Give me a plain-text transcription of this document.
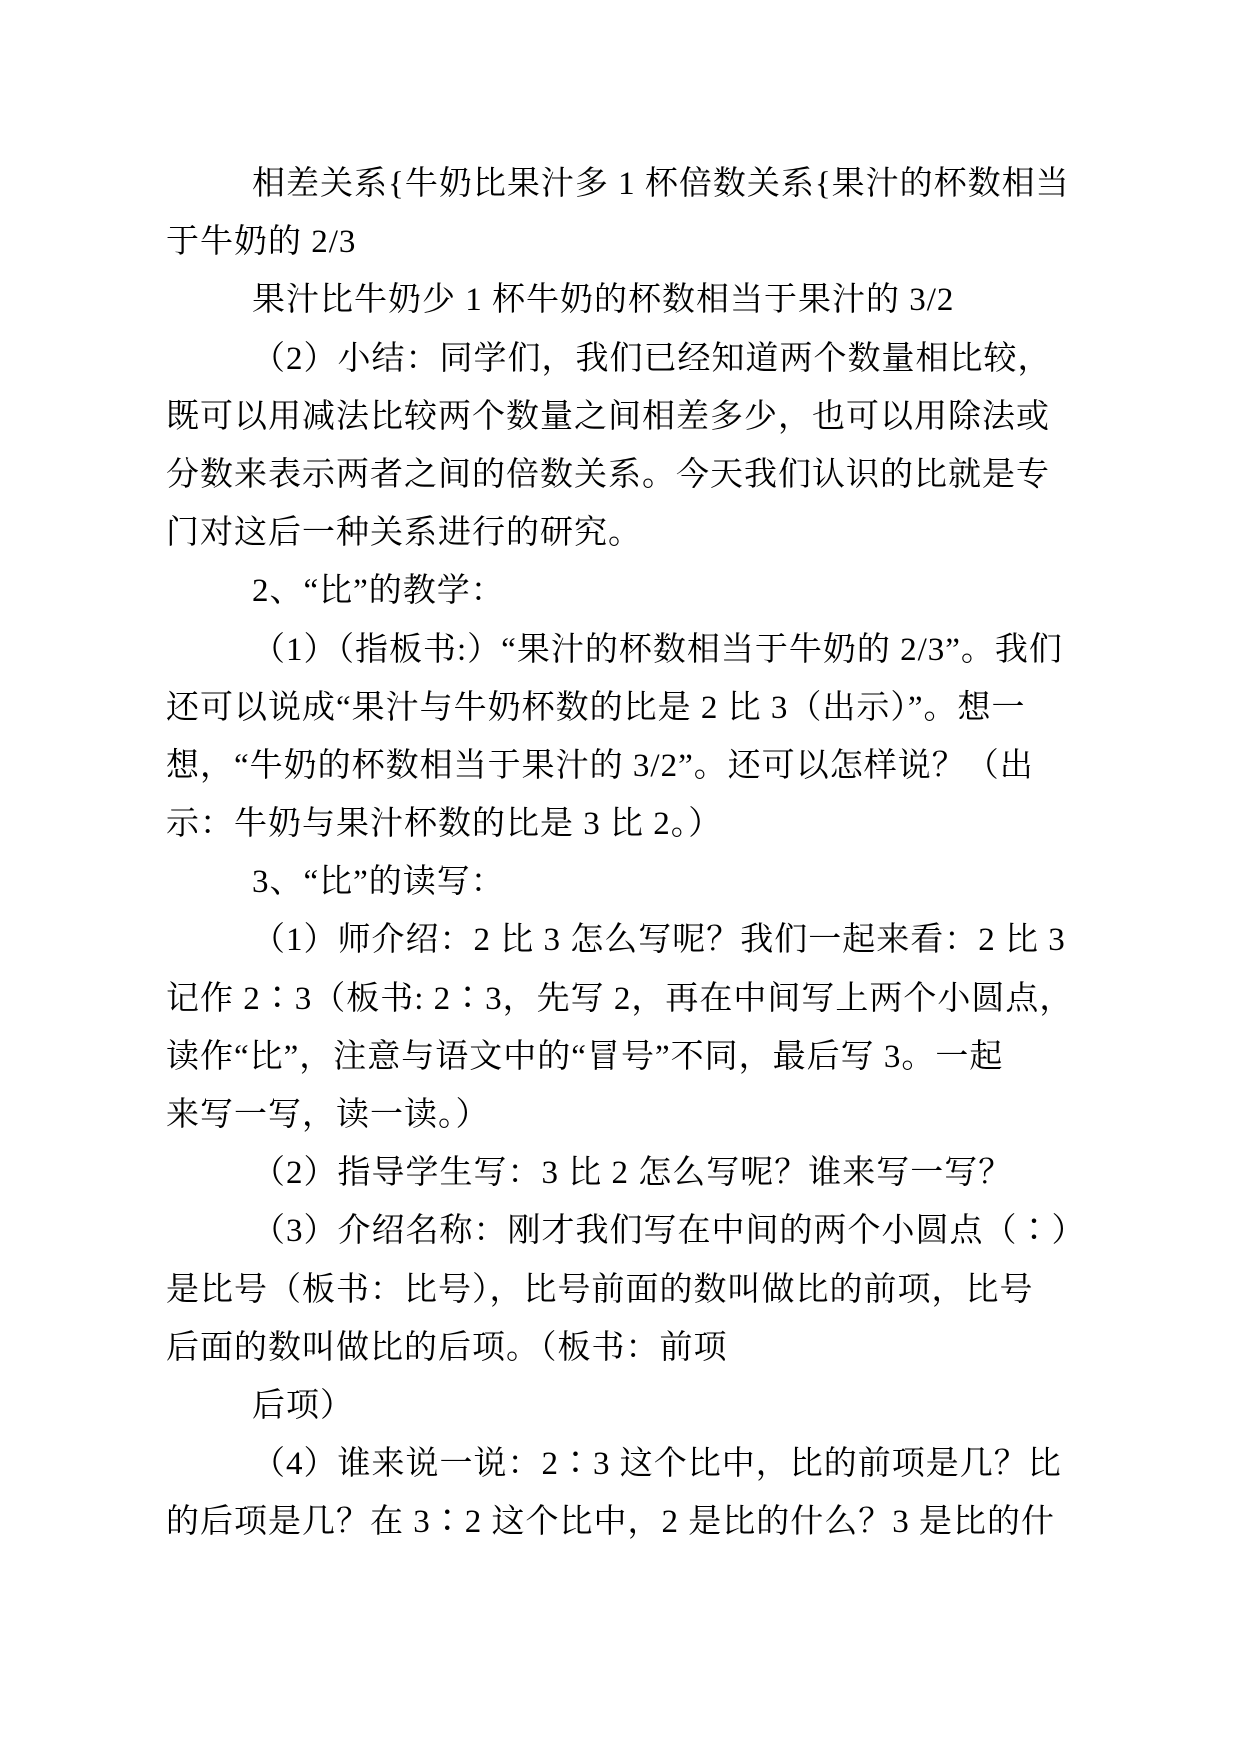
相差关系{牛奶比果汁多 1 杯倍数关系{果汁的杯数相当
于牛奶的 2/3
果汁比牛奶少 1 杯牛奶的杯数相当于果汁的 3/2
（2）小结：同学们，我们已经知道两个数量相比较，
既可以用减法比较两个数量之间相差多少，也可以用除法或
分数来表示两者之间的倍数关系。今天我们认识的比就是专
门对这后一种关系进行的研究。
2、“比”的教学：
（1）（指板书:）“果汁的杯数相当于牛奶的 2/3”。我们
还可以说成“果汁与牛奶杯数的比是 2 比 3（出示）”。想一
想，“牛奶的杯数相当于果汁的 3/2”。还可以怎样说？（出
示：牛奶与果汁杯数的比是 3 比 2。）
3、“比”的读写：
（1）师介绍：2 比 3 怎么写呢？我们一起来看：2 比 3
记作 2∶3（板书: 2∶3，先写 2，再在中间写上两个小圆点，
读作“比”，注意与语文中的“冒号”不同，最后写 3。一起
来写一写，读一读。）
（2）指导学生写：3 比 2 怎么写呢？谁来写一写？
（3）介绍名称：刚才我们写在中间的两个小圆点（∶）
是比号（板书：比号），比号前面的数叫做比的前项，比号
后面的数叫做比的后项。（板书：前项
后项）
（4）谁来说一说：2∶3 这个比中，比的前项是几？比
的后项是几？在 3∶2 这个比中，2 是比的什么？3 是比的什
